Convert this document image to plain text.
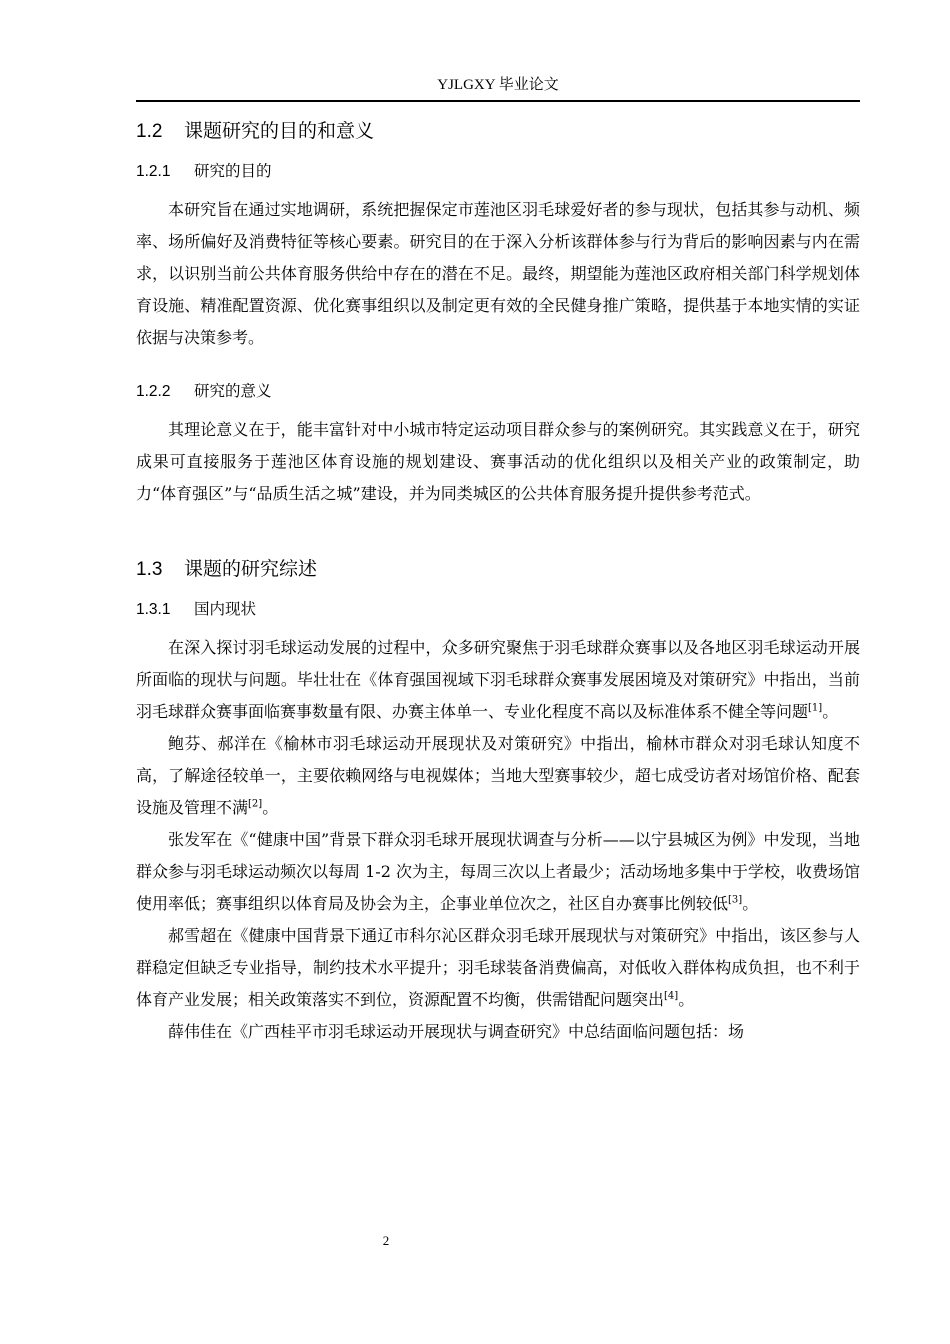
YJLGXY 毕业论文
1.2 课题研究的目的和意义
1.2.1 研究的目的

本研究旨在通过实地调研，系统把握保定市莲池区羽毛球爱好者的参与现状，包括其参与动机、频率、场所偏好及消费特征等核心要素。研究目的在于深入分析该群体参与行为背后的影响因素与内在需求，以识别当前公共体育服务供给中存在的潜在不足。最终，期望能为莲池区政府相关部门科学规划体育设施、精准配置资源、优化赛事组织以及制定更有效的全民健身推广策略，提供基于本地实情的实证依据与决策参考。

1.2.2 研究的意义

其理论意义在于，能丰富针对中小城市特定运动项目群众参与的案例研究。其实践意义在于，研究成果可直接服务于莲池区体育设施的规划建设、赛事活动的优化组织以及相关产业的政策制定，助力“体育强区”与“品质生活之城”建设，并为同类城区的公共体育服务提升提供参考范式。

1.3 课题的研究综述
1.3.1 国内现状

在深入探讨羽毛球运动发展的过程中，众多研究聚焦于羽毛球群众赛事以及各地区羽毛球运动开展所面临的现状与问题。毕壮壮在《体育强国视域下羽毛球群众赛事发展困境及对策研究》中指出，当前羽毛球群众赛事面临赛事数量有限、办赛主体单一、专业化程度不高以及标准体系不健全等问题[1]。

鲍芬、郝洋在《榆林市羽毛球运动开展现状及对策研究》中指出，榆林市群众对羽毛球认知度不高，了解途径较单一，主要依赖网络与电视媒体；当地大型赛事较少，超七成受访者对场馆价格、配套设施及管理不满[2]。

张发军在《“健康中国”背景下群众羽毛球开展现状调查与分析——以宁县城区为例》中发现，当地群众参与羽毛球运动频次以每周 1-2 次为主，每周三次以上者最少；活动场地多集中于学校，收费场馆使用率低；赛事组织以体育局及协会为主，企事业单位次之，社区自办赛事比例较低[3]。

郝雪超在《健康中国背景下通辽市科尔沁区群众羽毛球开展现状与对策研究》中指出，该区参与人群稳定但缺乏专业指导，制约技术水平提升；羽毛球装备消费偏高，对低收入群体构成负担，也不利于体育产业发展；相关政策落实不到位，资源配置不均衡，供需错配问题突出[4]。

薛伟佳在《广西桂平市羽毛球运动开展现状与调查研究》中总结面临问题包括：场

2
